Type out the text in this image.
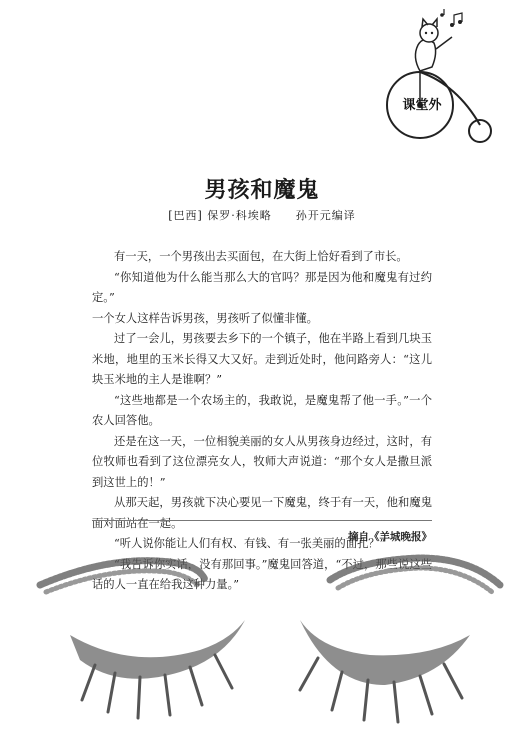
课堂外
男孩和魔鬼
[巴西] 保罗·科埃略　　孙开元编译

有一天，一个男孩出去买面包，在大街上恰好看到了市长。

“你知道他为什么能当那么大的官吗？那是因为他和魔鬼有过约定。”

一个女人这样告诉男孩，男孩听了似懂非懂。

过了一会儿，男孩要去乡下的一个镇子，他在半路上看到几块玉米地，地里的玉米长得又大又好。走到近处时，他问路旁人：“这儿块玉米地的主人是谁啊？”

“这些地都是一个农场主的，我敢说，是魔鬼帮了他一手。”一个农人回答他。

还是在这一天，一位相貌美丽的女人从男孩身边经过，这时，有位牧师也看到了这位漂亮女人，牧师大声说道：“那个女人是撒旦派到这世上的！”

从那天起，男孩就下决心要见一下魔鬼，终于有一天，他和魔鬼面对面站在一起。

“听人说你能让人们有权、有钱、有一张美丽的面孔？”

“我告诉你实话，没有那回事。”魔鬼回答道，“不过，那些说这些话的人一直在给我这种力量。”

摘自《羊城晚报》
